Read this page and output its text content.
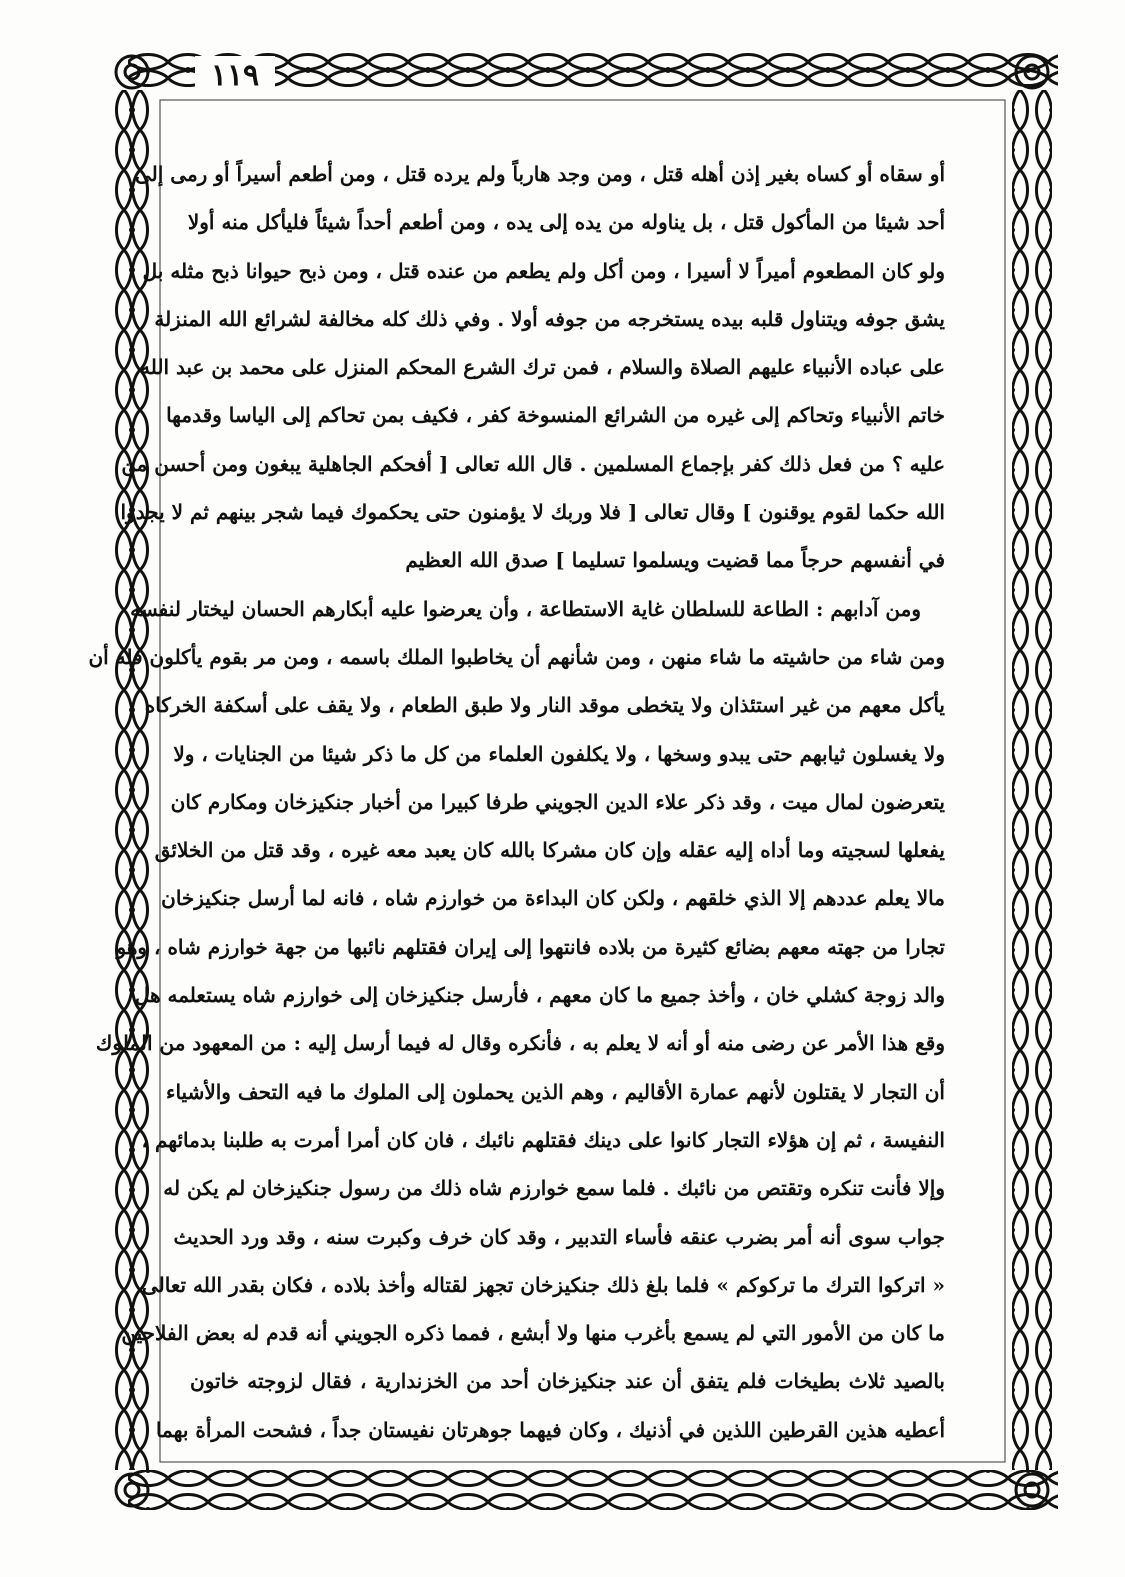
١١٩
أو سقاه أو كساه بغير إذن أهله قتل ، ومن وجد هارباً ولم يرده قتل ، ومن أطعم أسيراً أو رمى إلى
أحد شيئا من المأكول قتل ، بل يناوله من يده إلى يده ، ومن أطعم أحداً شيئاً فليأكل منه أولا
ولو كان المطعوم أميراً لا أسيرا ، ومن أكل ولم يطعم من عنده قتل ، ومن ذبح حيوانا ذبح مثله بل
يشق جوفه ويتناول قلبه بيده يستخرجه من جوفه أولا . وفي ذلك كله مخالفة لشرائع الله المنزلة
على عباده الأنبياء عليهم الصلاة والسلام ، فمن ترك الشرع المحكم المنزل على محمد بن عبد الله
خاتم الأنبياء وتحاكم إلى غيره من الشرائع المنسوخة كفر ، فكيف بمن تحاكم إلى الياسا وقدمها
عليه ؟ من فعل ذلك كفر بإجماع المسلمين . قال الله تعالى [ أفحكم الجاهلية يبغون ومن أحسن من
الله حكما لقوم يوقنون ] وقال تعالى [ فلا وربك لا يؤمنون حتى يحكموك فيما شجر بينهم ثم لا يجدوا
في أنفسهم حرجاً مما قضيت ويسلموا تسليما ] صدق الله العظيم
ومن آدابهم : الطاعة للسلطان غاية الاستطاعة ، وأن يعرضوا عليه أبكارهم الحسان ليختار لنفسه
ومن شاء من حاشيته ما شاء منهن ، ومن شأنهم أن يخاطبوا الملك باسمه ، ومن مر بقوم يأكلون فله أن
يأكل معهم من غير استئذان ولا يتخطى موقد النار ولا طبق الطعام ، ولا يقف على أسكفة الخركاه
ولا يغسلون ثيابهم حتى يبدو وسخها ، ولا يكلفون العلماء من كل ما ذكر شيئا من الجنايات ، ولا
يتعرضون لمال ميت ، وقد ذكر علاء الدين الجويني طرفا كبيرا من أخبار جنكيزخان ومكارم كان
يفعلها لسجيته وما أداه إليه عقله وإن كان مشركا بالله كان يعبد معه غيره ، وقد قتل من الخلائق
مالا يعلم عددهم إلا الذي خلقهم ، ولكن كان البداءة من خوارزم شاه ، فانه لما أرسل جنكيزخان
تجارا من جهته معهم بضائع كثيرة من بلاده فانتهوا إلى إيران فقتلهم نائبها من جهة خوارزم شاه ، وهو
والد زوجة كشلي خان ، وأخذ جميع ما كان معهم ، فأرسل جنكيزخان إلى خوارزم شاه يستعلمه هل
وقع هذا الأمر عن رضى منه أو أنه لا يعلم به ، فأنكره وقال له فيما أرسل إليه : من المعهود من الملوك
أن التجار لا يقتلون لأنهم عمارة الأقاليم ، وهم الذين يحملون إلى الملوك ما فيه التحف والأشياء
النفيسة ، ثم إن هؤلاء التجار كانوا على دينك فقتلهم نائبك ، فان كان أمرا أمرت به طلبنا بدمائهم ،
وإلا فأنت تنكره وتقتص من نائبك . فلما سمع خوارزم شاه ذلك من رسول جنكيزخان لم يكن له
جواب سوى أنه أمر بضرب عنقه فأساء التدبير ، وقد كان خرف وكبرت سنه ، وقد ورد الحديث
« اتركوا الترك ما تركوكم » فلما بلغ ذلك جنكيزخان تجهز لقتاله وأخذ بلاده ، فكان بقدر الله تعالى
ما كان من الأمور التي لم يسمع بأغرب منها ولا أبشع ، فمما ذكره الجويني أنه قدم له بعض الفلاحين
بالصيد ثلاث بطيخات فلم يتفق أن عند جنكيزخان أحد من الخزندارية ، فقال لزوجته خاتون
أعطيه هذين القرطين اللذين في أذنيك ، وكان فيهما جوهرتان نفيستان جداً ، فشحت المرأة بهما
